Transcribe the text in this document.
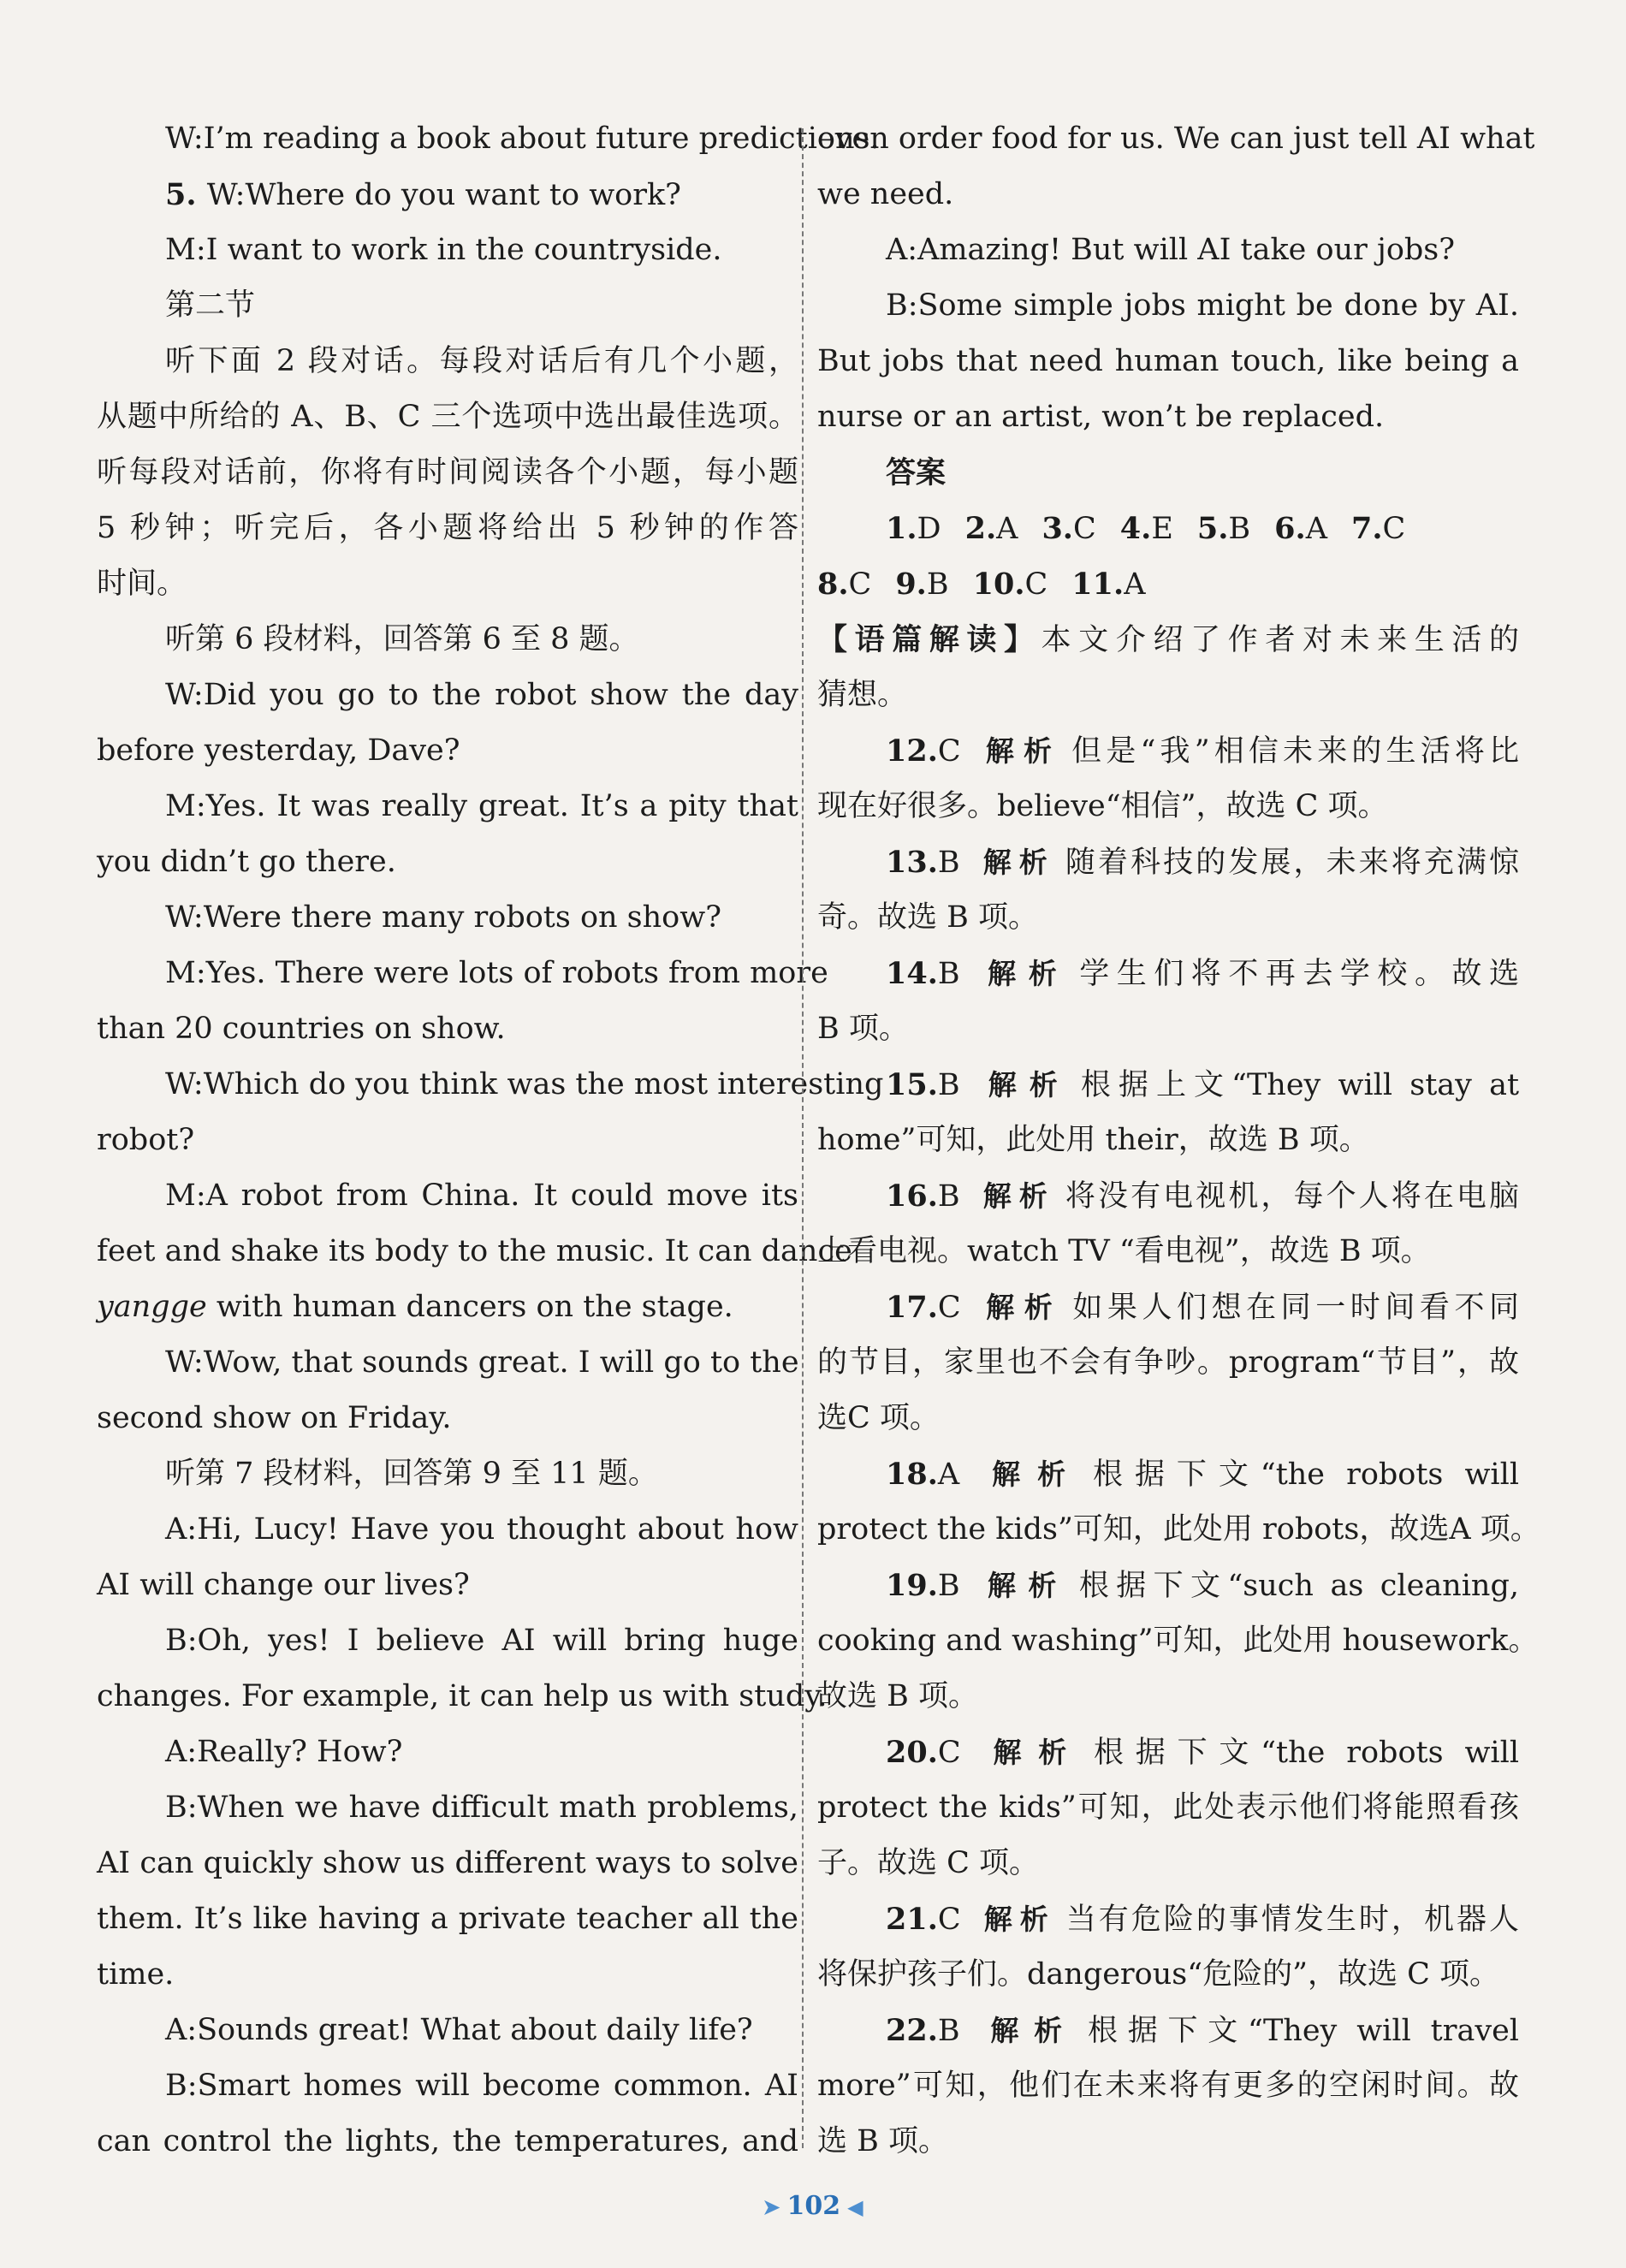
W:I’m reading a book about future predictions.
5. W:Where do you want to work?
M:I want to work in the countryside.
第二节
听下面 2 段对话。每段对话后有几个小题，
从题中所给的 A、B、C 三个选项中选出最佳选项。
听每段对话前，你将有时间阅读各个小题，每小题
5 秒钟；听完后，各小题将给出 5 秒钟的作答
时间。
听第 6 段材料，回答第 6 至 8 题。
W:Did you go to the robot show the day
before yesterday, Dave?
M:Yes. It was really great. It’s a pity that
you didn’t go there.
W:Were there many robots on show?
M:Yes. There were lots of robots from more
than 20 countries on show.
W:Which do you think was the most interesting
robot?
M:A robot from China. It could move its
feet and shake its body to the music. It can dance
yangge with human dancers on the stage.
W:Wow, that sounds great. I will go to the
second show on Friday.
听第 7 段材料，回答第 9 至 11 题。
A:Hi, Lucy! Have you thought about how
AI will change our lives?
B:Oh, yes! I believe AI will bring huge
changes. For example, it can help us with study.
A:Really? How?
B:When we have difficult math problems,
AI can quickly show us different ways to solve
them. It’s like having a private teacher all the
time.
A:Sounds great! What about daily life?
B:Smart homes will become common. AI
can control the lights, the temperatures, and
even order food for us. We can just tell AI what
we need.
A:Amazing! But will AI take our jobs?
B:Some simple jobs might be done by AI.
But jobs that need human touch, like being a
nurse or an artist, won’t be replaced.
答案
1.D 2.A 3.C 4.E 5.B 6.A 7.C
8.C 9.B 10.C 11.A
【语篇解读】本文介绍了作者对未来生活的
猜想。
12.C 解析 但是“我”相信未来的生活将比
现在好很多。believe“相信”，故选 C 项。
13.B 解析 随着科技的发展，未来将充满惊
奇。故选 B 项。
14.B 解析 学生们将不再去学校。故选
B 项。
15.B 解析 根据上文“They will stay at
home”可知，此处用 their，故选 B 项。
16.B 解析 将没有电视机，每个人将在电脑
上看电视。watch TV “看电视”，故选 B 项。
17.C 解析 如果人们想在同一时间看不同
的节目，家里也不会有争吵。program“节目”，故
选C 项。
18.A 解析 根据下文“the robots will
protect the kids”可知，此处用 robots，故选A 项。
19.B 解析 根据下文“such as cleaning,
cooking and washing”可知，此处用 housework。
故选 B 项。
20.C 解析 根据下文“the robots will
protect the kids”可知，此处表示他们将能照看孩
子。故选 C 项。
21.C 解析 当有危险的事情发生时，机器人
将保护孩子们。dangerous“危险的”，故选 C 项。
22.B 解析 根据下文“They will travel
more”可知，他们在未来将有更多的空闲时间。故
选 B 项。
➤ 102 ◀
